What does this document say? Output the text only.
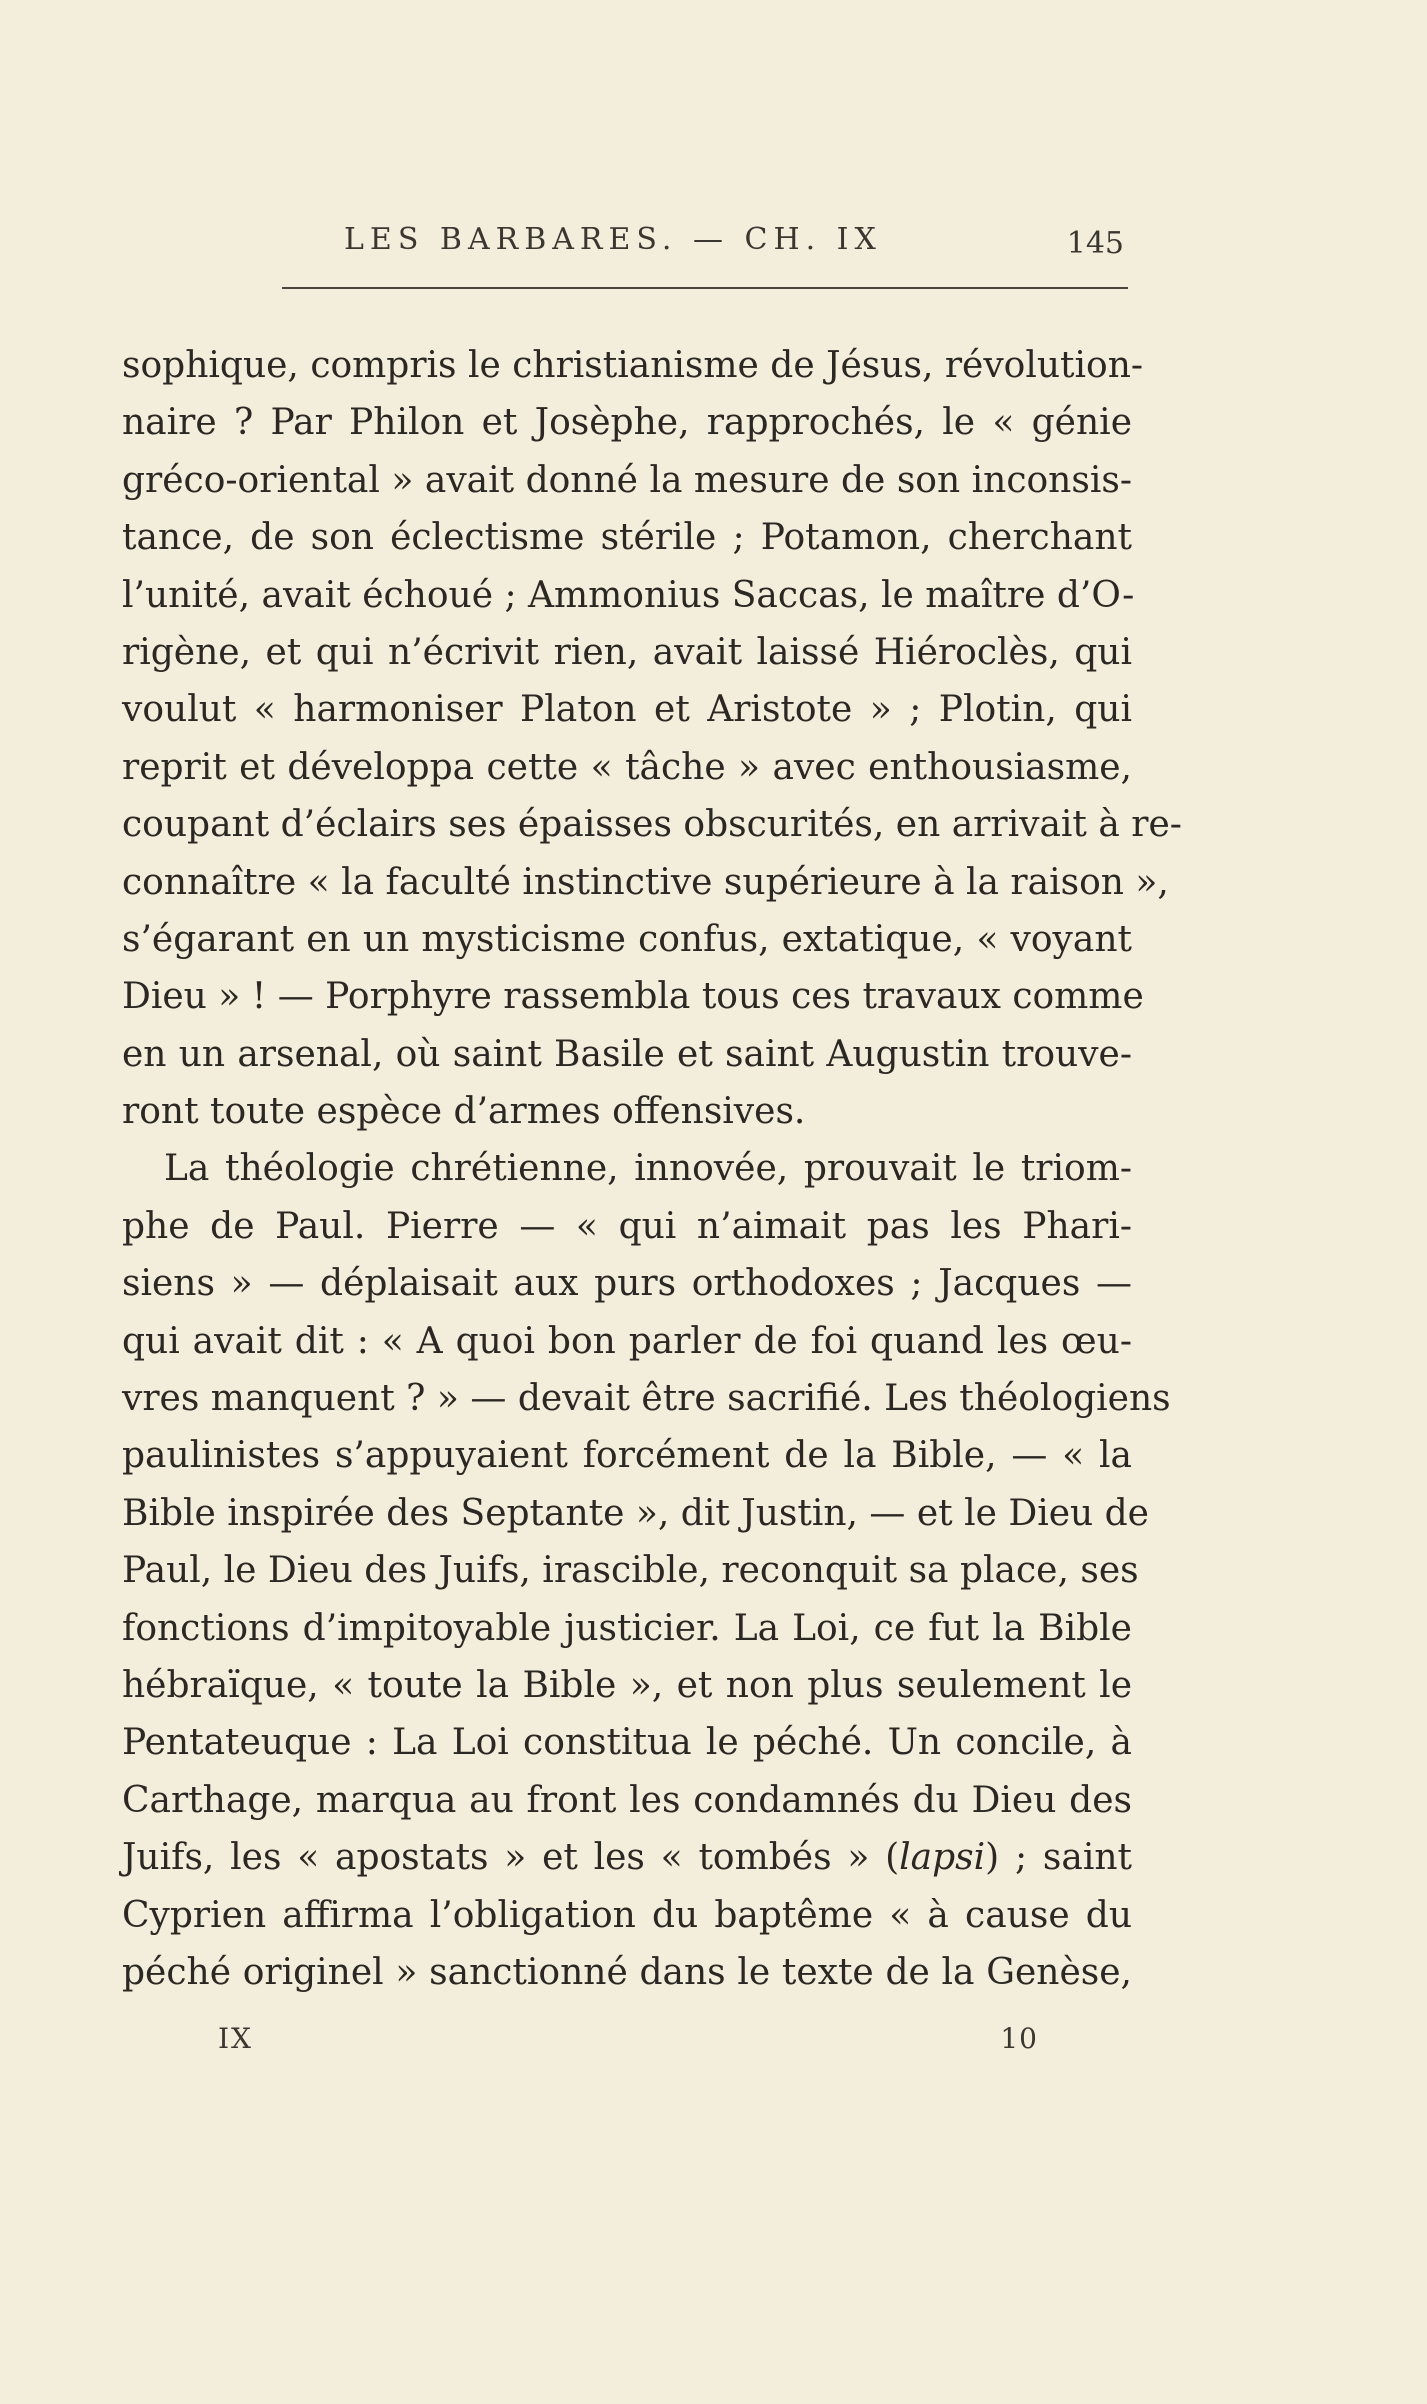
LES BARBARES. — CH. IX	145
sophique, compris le christianisme de Jésus, révolution-
naire ? Par Philon et Josèphe, rapprochés, le « génie
gréco-oriental » avait donné la mesure de son inconsis-
tance, de son éclectisme stérile ; Potamon, cherchant
l’unité, avait échoué ; Ammonius Saccas, le maître d’O-
rigène, et qui n’écrivit rien, avait laissé Hiéroclès, qui
voulut « harmoniser Platon et Aristote » ; Plotin, qui
reprit et développa cette « tâche » avec enthousiasme,
coupant d’éclairs ses épaisses obscurités, en arrivait à re-
connaître « la faculté instinctive supérieure à la raison »,
s’égarant en un mysticisme confus, extatique, « voyant
Dieu » ! — Porphyre rassembla tous ces travaux comme
en un arsenal, où saint Basile et saint Augustin trouve-
ront toute espèce d’armes offensives.
La théologie chrétienne, innovée, prouvait le triom-
phe de Paul. Pierre — « qui n’aimait pas les Phari-
siens » — déplaisait aux purs orthodoxes ; Jacques —
qui avait dit : « A quoi bon parler de foi quand les œu-
vres manquent ? » — devait être sacrifié. Les théologiens
paulinistes s’appuyaient forcément de la Bible, — « la
Bible inspirée des Septante », dit Justin, — et le Dieu de
Paul, le Dieu des Juifs, irascible, reconquit sa place, ses
fonctions d’impitoyable justicier. La Loi, ce fut la Bible
hébraïque, « toute la Bible », et non plus seulement le
Pentateuque : La Loi constitua le péché. Un concile, à
Carthage, marqua au front les condamnés du Dieu des
Juifs, les « apostats » et les « tombés » (lapsi) ; saint
Cyprien affirma l’obligation du baptême « à cause du
péché originel » sanctionné dans le texte de la Genèse,
IX	10
